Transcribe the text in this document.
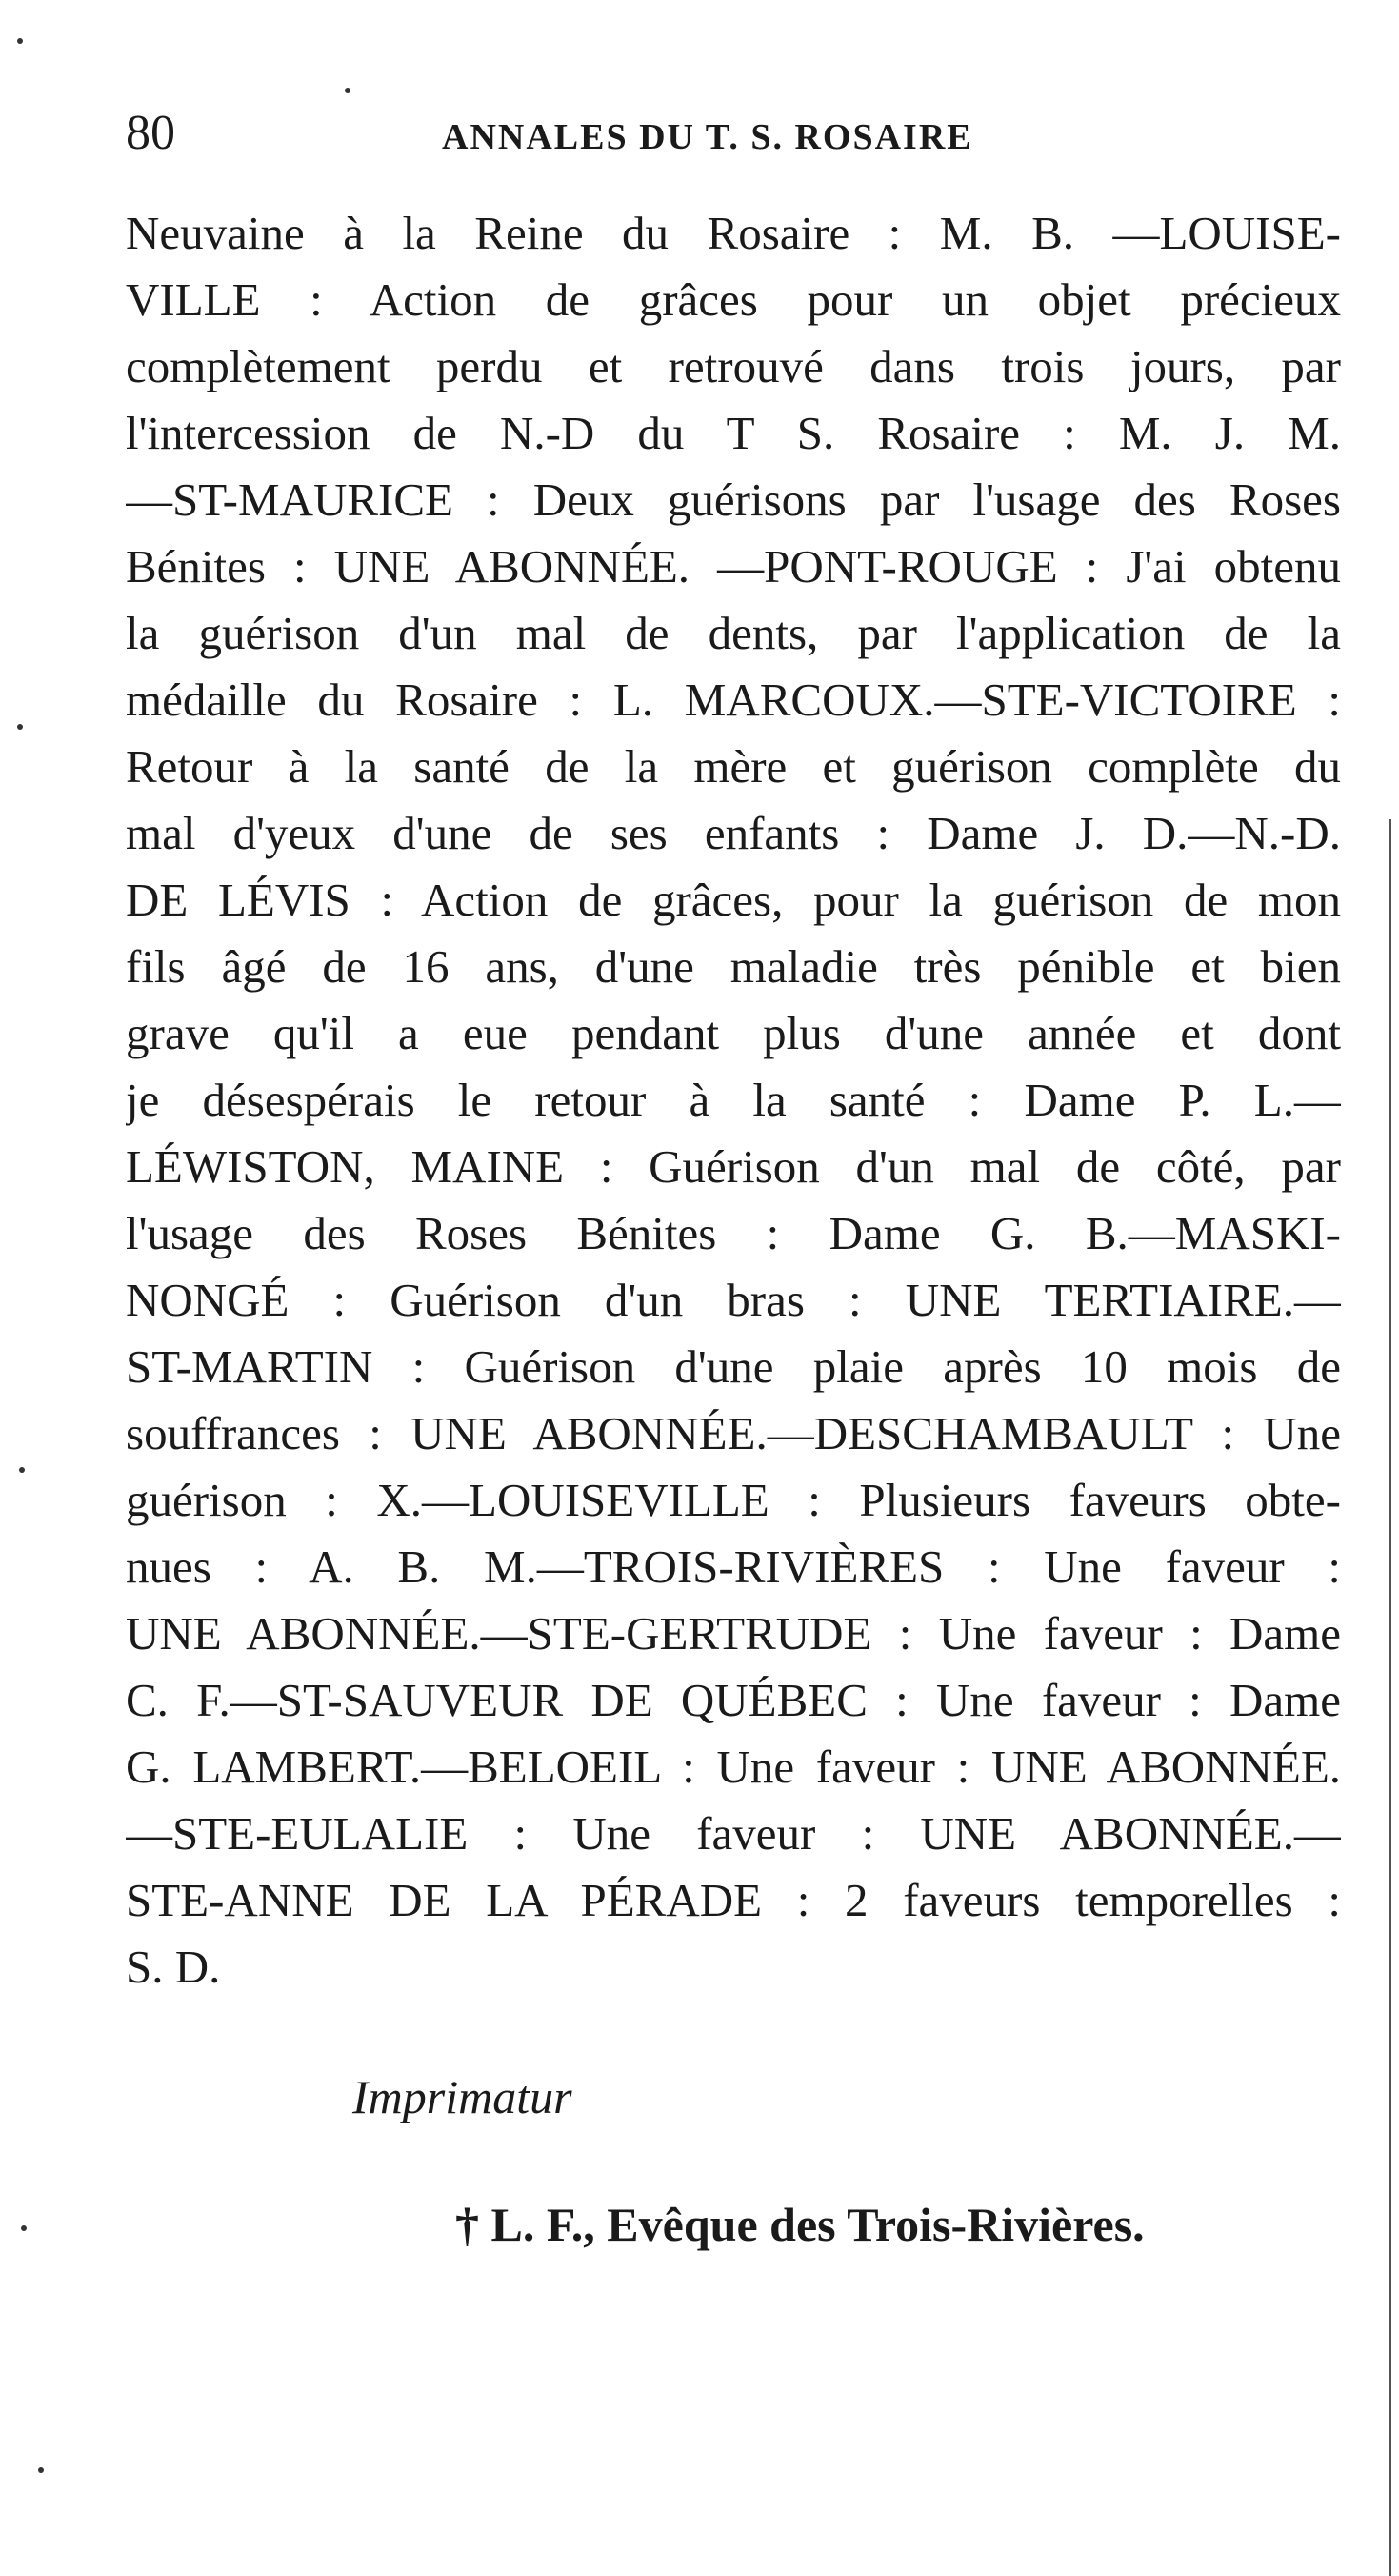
80	ANNALES DU T. S. ROSAIRE
Neuvaine à la Reine du Rosaire : M. B. —LOUISE-
VILLE : Action de grâces pour un objet précieux
complètement perdu et retrouvé dans trois jours, par
l'intercession de N.-D du T S. Rosaire : M. J. M.
—ST-MAURICE : Deux guérisons par l'usage des Roses
Bénites : UNE ABONNÉE. —PONT-ROUGE : J'ai obtenu
la guérison d'un mal de dents, par l'application de la
médaille du Rosaire : L. MARCOUX.—STE-VICTOIRE :
Retour à la santé de la mère et guérison complète du
mal d'yeux d'une de ses enfants : Dame J. D.—N.-D.
DE LÉVIS : Action de grâces, pour la guérison de mon
fils âgé de 16 ans, d'une maladie très pénible et bien
grave qu'il a eue pendant plus d'une année et dont
je désespérais le retour à la santé : Dame P. L.—
LÉWISTON, MAINE : Guérison d'un mal de côté, par
l'usage des Roses Bénites : Dame G. B.—MASKI-
NONGÉ : Guérison d'un bras : UNE TERTIAIRE.—
ST-MARTIN : Guérison d'une plaie après 10 mois de
souffrances : UNE ABONNÉE.—DESCHAMBAULT : Une
guérison : X.—LOUISEVILLE : Plusieurs faveurs obte-
nues : A. B. M.—TROIS-RIVIÈRES : Une faveur :
UNE ABONNÉE.—STE-GERTRUDE : Une faveur : Dame
C. F.—ST-SAUVEUR DE QUÉBEC : Une faveur : Dame
G. LAMBERT.—BELOEIL : Une faveur : UNE ABONNÉE.
—STE-EULALIE : Une faveur : UNE ABONNÉE.—
STE-ANNE DE LA PÉRADE : 2 faveurs temporelles :
S. D.
Imprimatur
† L. F., Evêque des Trois-Rivières.
